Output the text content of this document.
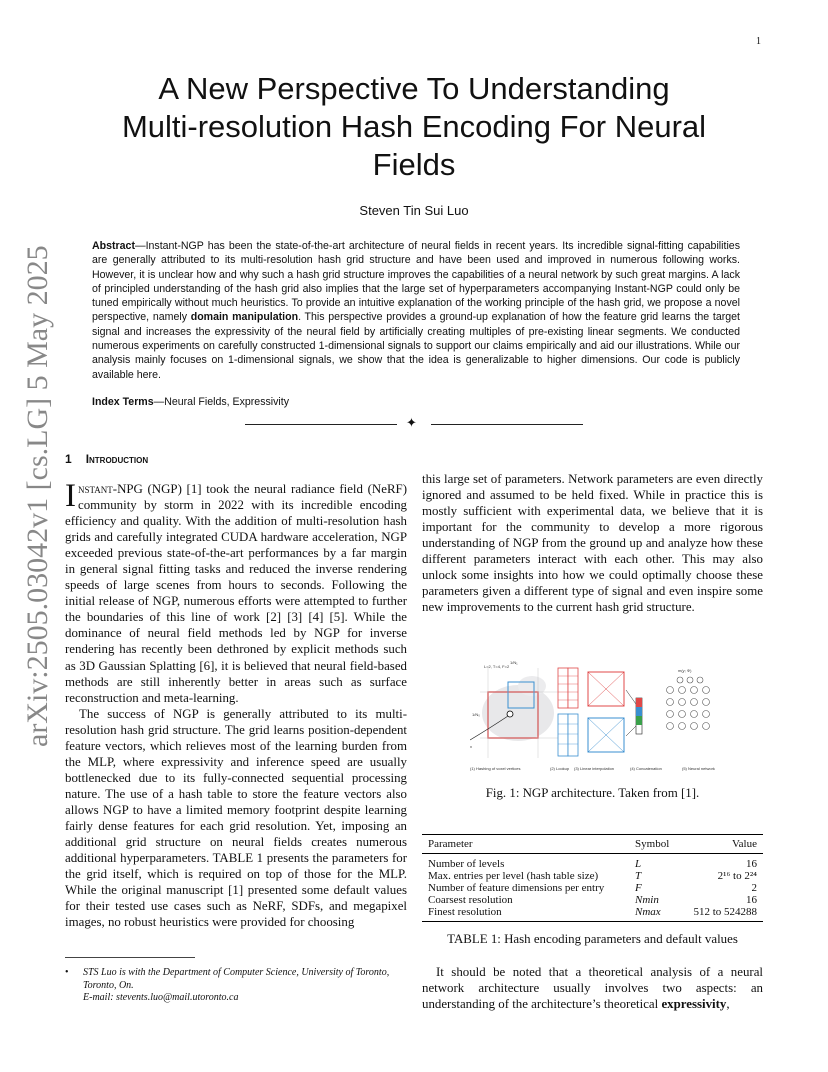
1
arXiv:2505.03042v1 [cs.LG] 5 May 2025
A New Perspective To Understanding
Multi-resolution Hash Encoding For Neural
Fields
Steven Tin Sui Luo
Abstract—Instant-NGP has been the state-of-the-art architecture of neural fields in recent years. Its incredible signal-fitting capabilities are generally attributed to its multi-resolution hash grid structure and have been used and improved in numerous following works. However, it is unclear how and why such a hash grid structure improves the capabilities of a neural network by such great margins. A lack of principled understanding of the hash grid also implies that the large set of hyperparameters accompanying Instant-NGP could only be tuned empirically without much heuristics. To provide an intuitive explanation of the working principle of the hash grid, we propose a novel perspective, namely domain manipulation. This perspective provides a ground-up explanation of how the feature grid learns the target signal and increases the expressivity of the neural field by artificially creating multiples of pre-existing linear segments. We conducted numerous experiments on carefully constructed 1-dimensional signals to support our claims empirically and aid our illustrations. While our analysis mainly focuses on 1-dimensional signals, we show that the idea is generalizable to higher dimensions. Our code is publicly available here.
Index Terms—Neural Fields, Expressivity
✦
1 Introduction

Instant-NPG (NGP) [1] took the neural radiance field (NeRF) community by storm in 2022 with its incredible encoding efficiency and quality. With the addition of multi-resolution hash grids and carefully integrated CUDA hardware acceleration, NGP exceeded previous state-of-the-art performances by a far margin in general signal fitting tasks and reduced the inverse rendering speeds of large scenes from hours to seconds. Following the initial release of NGP, numerous efforts were attempted to further the boundaries of this line of work [2] [3] [4] [5]. While the dominance of neural field methods led by NGP for inverse rendering has recently been dethroned by explicit methods such as 3D Gaussian Splatting [6], it is believed that neural field-based methods are still inherently better in areas such as surface reconstruction and meta-learning.

The success of NGP is generally attributed to its multi-resolution hash grid structure. The grid learns position-dependent feature vectors, which relieves most of the learning burden from the MLP, where expressivity and inference speed are usually bottlenecked due to its fully-connected sequential processing nature. The use of a hash table to store the feature vectors also allows NGP to have a limited memory footprint despite learning fairly dense features for each grid resolution. Yet, imposing an additional grid structure on neural fields creates numerous additional hyperparameters. TABLE 1 presents the parameters for the grid itself, which is required on top of those for the MLP. While the original manuscript [1] presented some default values for their tested use cases such as NeRF, SDFs, and megapixel images, no robust heuristics were provided for choosing

• STS Luo is with the Department of Computer Science, University of Toronto, Toronto, On.
E-mail: stevents.luo@mail.utoronto.ca

this large set of parameters. Network parameters are even directly ignored and assumed to be held fixed. While in practice this is mostly sufficient with experimental data, we believe that it is important for the community to develop a more rigorous understanding of NGP from the ground up and analyze how these different parameters interact with each other. This may also unlock some insights into how we could optimally choose these parameters given a different type of signal and even inspire some new improvements to the current hash grid structure.

L=2, T=4, F=2
1/N₁
1/N₀
x
m(y; Φ)
(1) Hashing of voxel vertices	(2) Lookup (3) Linear interpolation	(4) Concatenation	(5) Neural network
Fig. 1: NGP architecture. Taken from [1].
Parameter	Symbol	Value
Number of levels	L	16
Max. entries per level (hash table size)	T	2¹⁶ to 2²⁴
Number of feature dimensions per entry	F	2
Coarsest resolution	Nmin	16
Finest resolution	Nmax	512 to 524288
TABLE 1: Hash encoding parameters and default values

It should be noted that a theoretical analysis of a neural network architecture usually involves two aspects: an understanding of the architecture’s theoretical expressivity,
